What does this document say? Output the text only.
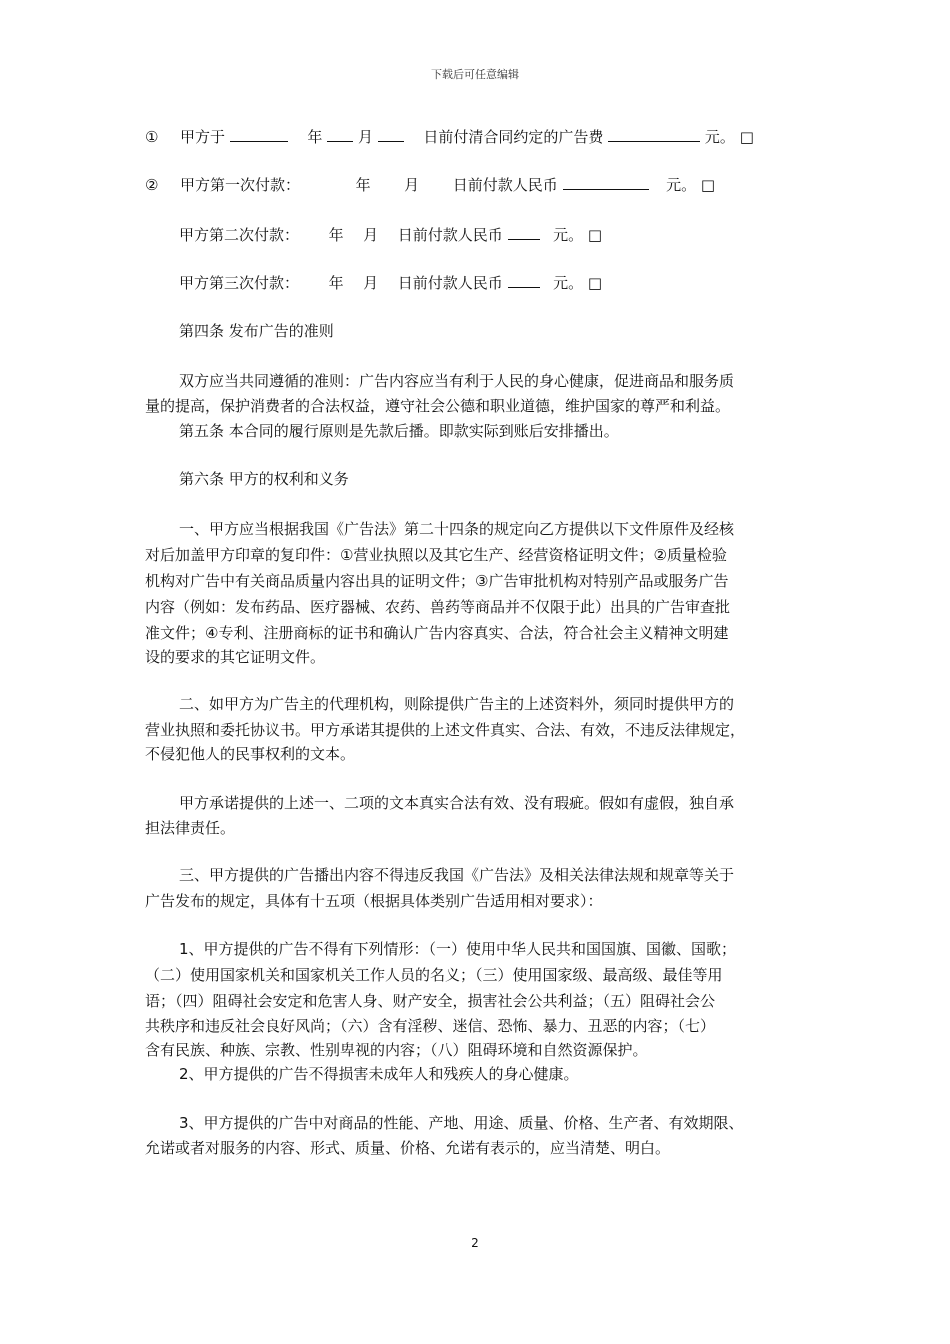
下载后可任意编辑
① 甲方于	年 月	日前付清合同约定的广告费	元。 □
② 甲方第一次付款：	年 月 日前付款人民币	元。 □
甲方第二次付款： 年 月 日前付款人民币	元。 □
甲方第三次付款： 年 月 日前付款人民币	元。 □
第四条 发布广告的准则
双方应当共同遵循的准则：广告内容应当有利于人民的身心健康，促进商品和服务质
量的提高，保护消费者的合法权益，遵守社会公德和职业道德，维护国家的尊严和利益。
第五条 本合同的履行原则是先款后播。即款实际到账后安排播出。
第六条 甲方的权利和义务
一、甲方应当根据我国《广告法》第二十四条的规定向乙方提供以下文件原件及经核
对后加盖甲方印章的复印件：①营业执照以及其它生产、经营资格证明文件；②质量检验
机构对广告中有关商品质量内容出具的证明文件；③广告审批机构对特别产品或服务广告
内容（例如：发布药品、医疗器械、农药、兽药等商品并不仅限于此）出具的广告审查批
准文件；④专利、注册商标的证书和确认广告内容真实、合法，符合社会主义精神文明建
设的要求的其它证明文件。
二、如甲方为广告主的代理机构，则除提供广告主的上述资料外，须同时提供甲方的
营业执照和委托协议书。甲方承诺其提供的上述文件真实、合法、有效，不违反法律规定，
不侵犯他人的民事权利的文本。
甲方承诺提供的上述一、二项的文本真实合法有效、没有瑕疵。假如有虚假，独自承
担法律责任。
三、甲方提供的广告播出内容不得违反我国《广告法》及相关法律法规和规章等关于
广告发布的规定，具体有十五项（根据具体类别广告适用相对要求）：
1、甲方提供的广告不得有下列情形：（一）使用中华人民共和国国旗、国徽、国歌；
（二）使用国家机关和国家机关工作人员的名义；（三）使用国家级、最高级、最佳等用
语；（四）阻碍社会安定和危害人身、财产安全，损害社会公共利益；（五）阻碍社会公
共秩序和违反社会良好风尚；（六）含有淫秽、迷信、恐怖、暴力、丑恶的内容；（七）
含有民族、种族、宗教、性别卑视的内容；（八）阻碍环境和自然资源保护。
2、甲方提供的广告不得损害未成年人和残疾人的身心健康。
3、甲方提供的广告中对商品的性能、产地、用途、质量、价格、生产者、有效期限、
允诺或者对服务的内容、形式、质量、价格、允诺有表示的，应当清楚、明白。
2
